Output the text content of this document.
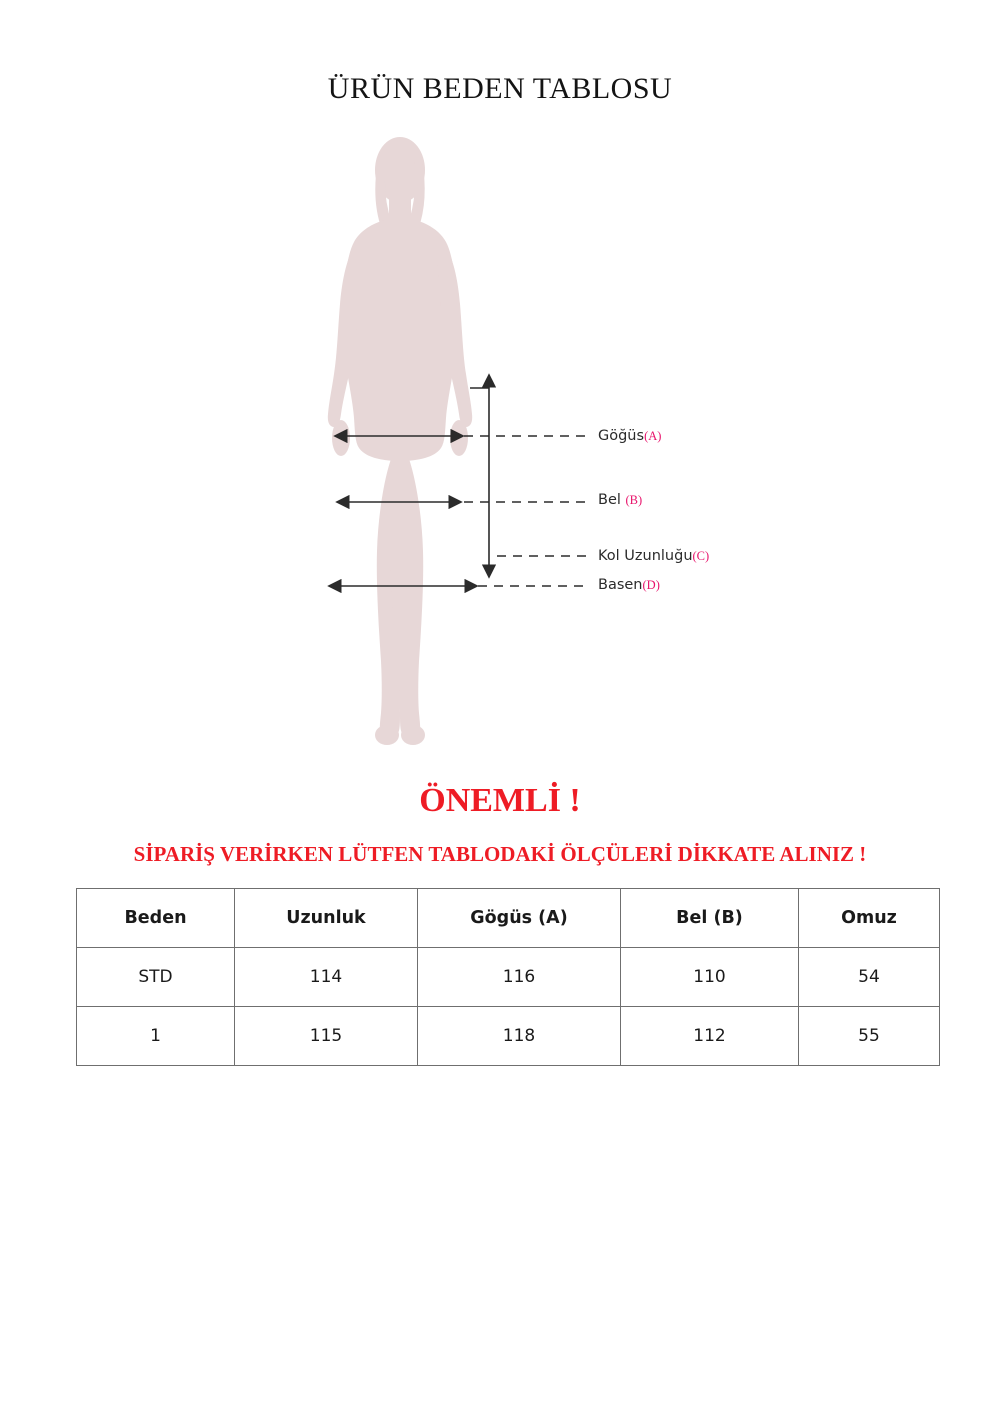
ÜRÜN BEDEN TABLOSU
Göğüs(A)
Bel (B)
Kol Uzunluğu(C)
Basen(D)
ÖNEMLİ !
SİPARİŞ VERİRKEN LÜTFEN TABLODAKİ ÖLÇÜLERİ DİKKATE ALINIZ !
Beden	Uzunluk	Gögüs (A)	Bel (B)	Omuz
STD	114	116	110	54
1	115	118	112	55
